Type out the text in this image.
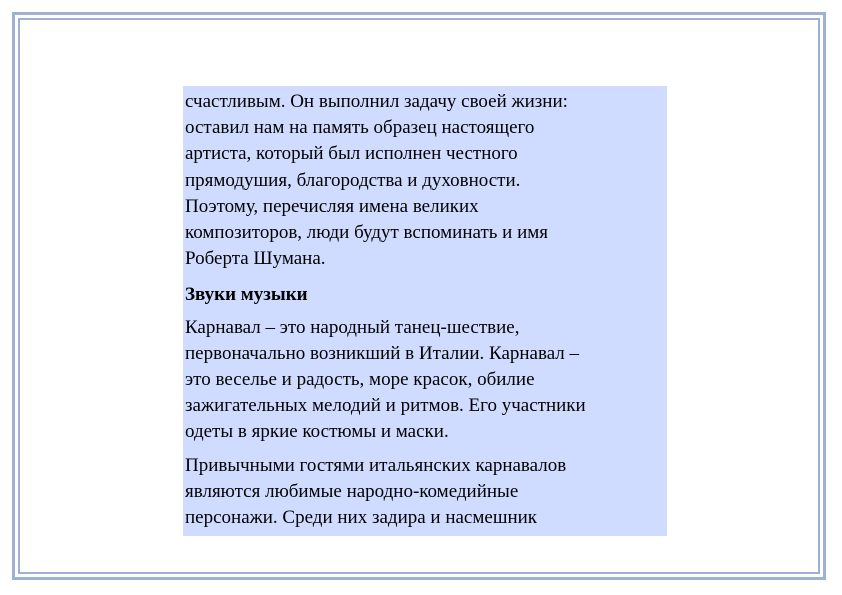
счастливым. Он выполнил задачу своей жизни:
оставил нам на память образец настоящего
артиста, который был исполнен честного
прямодушия, благородства и духовности.
Поэтому, перечисляя имена великих
композиторов, люди будут вспоминать и имя
Роберта Шумана.
Звуки музыки
Карнавал – это народный танец-шествие,
первоначально возникший в Италии. Карнавал –
это веселье и радость, море красок, обилие
зажигательных мелодий и ритмов. Его участники
одеты в яркие костюмы и маски.
Привычными гостями итальянских карнавалов
являются любимые народно-комедийные
персонажи. Среди них задира и насмешник
